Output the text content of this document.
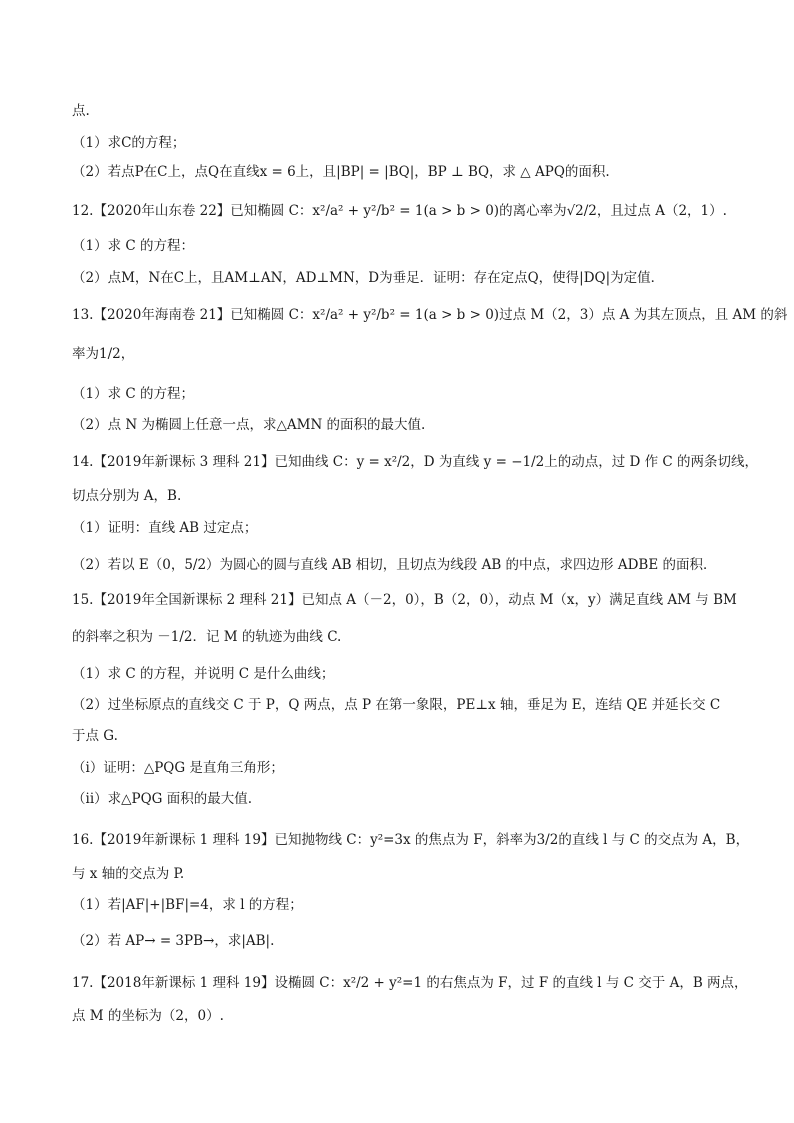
点.
（1）求C的方程；
（2）若点P在C上，点Q在直线x = 6上，且|BP| = |BQ|，BP ⊥ BQ，求 △ APQ的面积.
12.【2020年山东卷 22】已知椭圆 C：x²/a² + y²/b² = 1(a > b > 0)的离心率为√2/2，且过点 A（2，1）.
（1）求 C 的方程：
（2）点M，N在C上，且AM⊥AN，AD⊥MN，D为垂足．证明：存在定点Q，使得|DQ|为定值．
13.【2020年海南卷 21】已知椭圆 C：x²/a² + y²/b² = 1(a > b > 0)过点 M（2，3）点 A 为其左顶点，且 AM 的斜
率为1/2，
（1）求 C 的方程；
（2）点 N 为椭圆上任意一点，求△AMN 的面积的最大值.
14.【2019年新课标 3 理科 21】已知曲线 C：y = x²/2，D 为直线 y = −1/2上的动点，过 D 作 C 的两条切线，
切点分别为 A，B.
（1）证明：直线 AB 过定点；
（2）若以 E（0，5/2）为圆心的圆与直线 AB 相切，且切点为线段 AB 的中点，求四边形 ADBE 的面积．
15.【2019年全国新课标 2 理科 21】已知点 A（－2，0），B（2，0），动点 M（x，y）满足直线 AM 与 BM
的斜率之积为 －1/2．记 M 的轨迹为曲线 C.
（1）求 C 的方程，并说明 C 是什么曲线；
（2）过坐标原点的直线交 C 于 P，Q 两点，点 P 在第一象限，PE⊥x 轴，垂足为 E，连结 QE 并延长交 C
于点 G.
（i）证明：△PQG 是直角三角形；
（ii）求△PQG 面积的最大值.
16.【2019年新课标 1 理科 19】已知抛物线 C：y²=3x 的焦点为 F，斜率为3/2的直线 l 与 C 的交点为 A，B，
与 x 轴的交点为 P.
（1）若|AF|+|BF|=4，求 l 的方程；
（2）若 AP→ = 3PB→，求|AB|.
17.【2018年新课标 1 理科 19】设椭圆 C：x²/2 + y²=1 的右焦点为 F，过 F 的直线 l 与 C 交于 A，B 两点，
点 M 的坐标为（2，0）.
